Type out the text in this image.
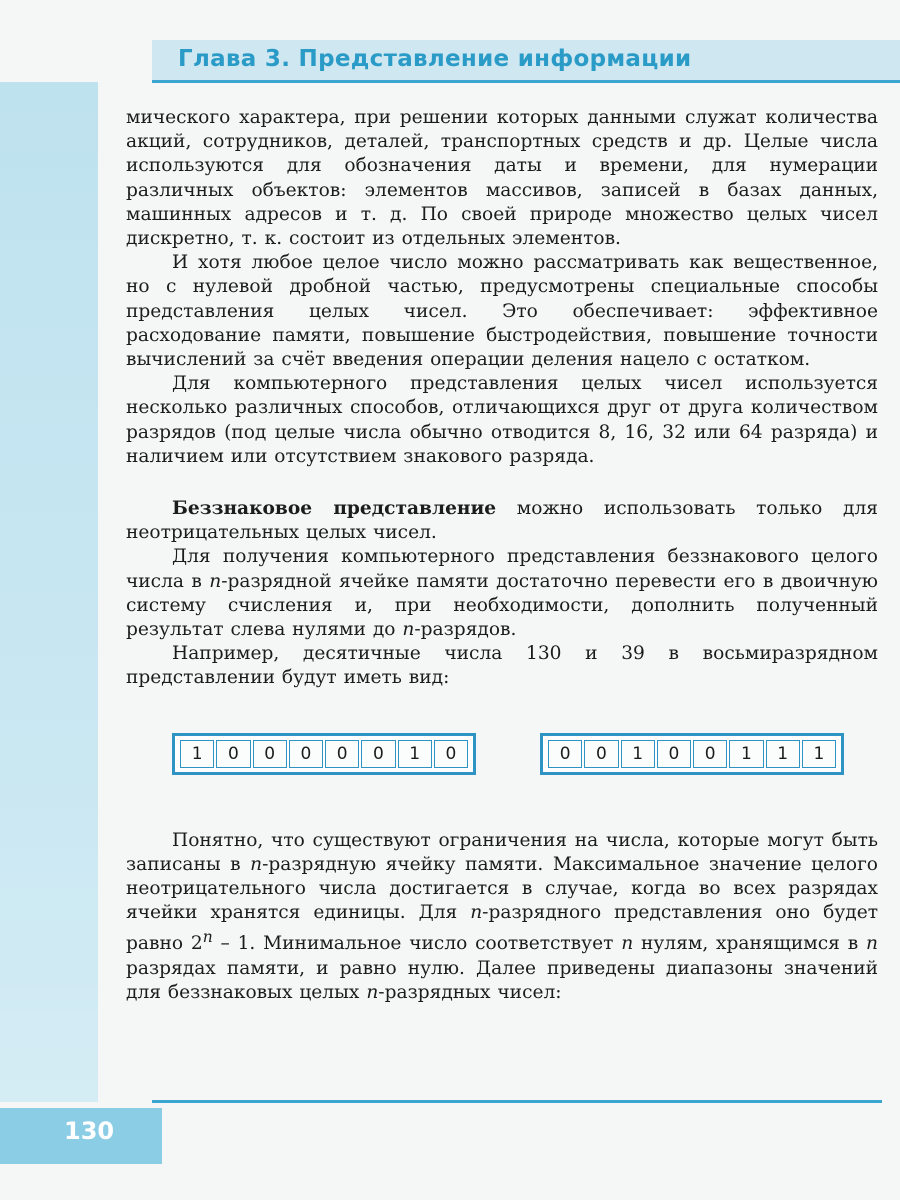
Глава 3. Представление информации

мического характера, при решении которых данными служат количества акций, сотрудников, деталей, транспортных средств и др. Целые числа используются для обозначения даты и времени, для нумерации различных объектов: элементов массивов, записей в базах данных, машинных адресов и т. д. По своей природе множество целых чисел дискретно, т. к. состоит из отдельных элементов.

И хотя любое целое число можно рассматривать как вещественное, но с нулевой дробной частью, предусмотрены специальные способы представления целых чисел. Это обеспечивает: эффективное расходование памяти, повышение быстродействия, повышение точности вычислений за счёт введения операции деления нацело с остатком.

Для компьютерного представления целых чисел используется несколько различных способов, отличающихся друг от друга количеством разрядов (под целые числа обычно отводится 8, 16, 32 или 64 разряда) и наличием или отсутствием знакового разряда.

Беззнаковое представление можно использовать только для неотрицательных целых чисел.

Для получения компьютерного представления беззнакового целого числа в n-разрядной ячейке памяти достаточно перевести его в двоичную систему счисления и, при необходимости, дополнить полученный результат слева нулями до n-разрядов.

Например, десятичные числа 130 и 39 в восьмиразрядном представлении будут иметь вид:

1	0	0	0	0	0	1	0	0	0	1	0	0	1	1	1

Понятно, что существуют ограничения на числа, которые могут быть записаны в n-разрядную ячейку памяти. Максимальное значение целого неотрицательного числа достигается в случае, когда во всех разрядах ячейки хранятся единицы. Для n-разрядного представления оно будет равно 2$^n$ – 1. Минимальное число соответствует n нулям, хранящимся в n разрядах памяти, и равно нулю. Далее приведены диапазоны значений для беззнаковых целых n-разрядных чисел:

130
